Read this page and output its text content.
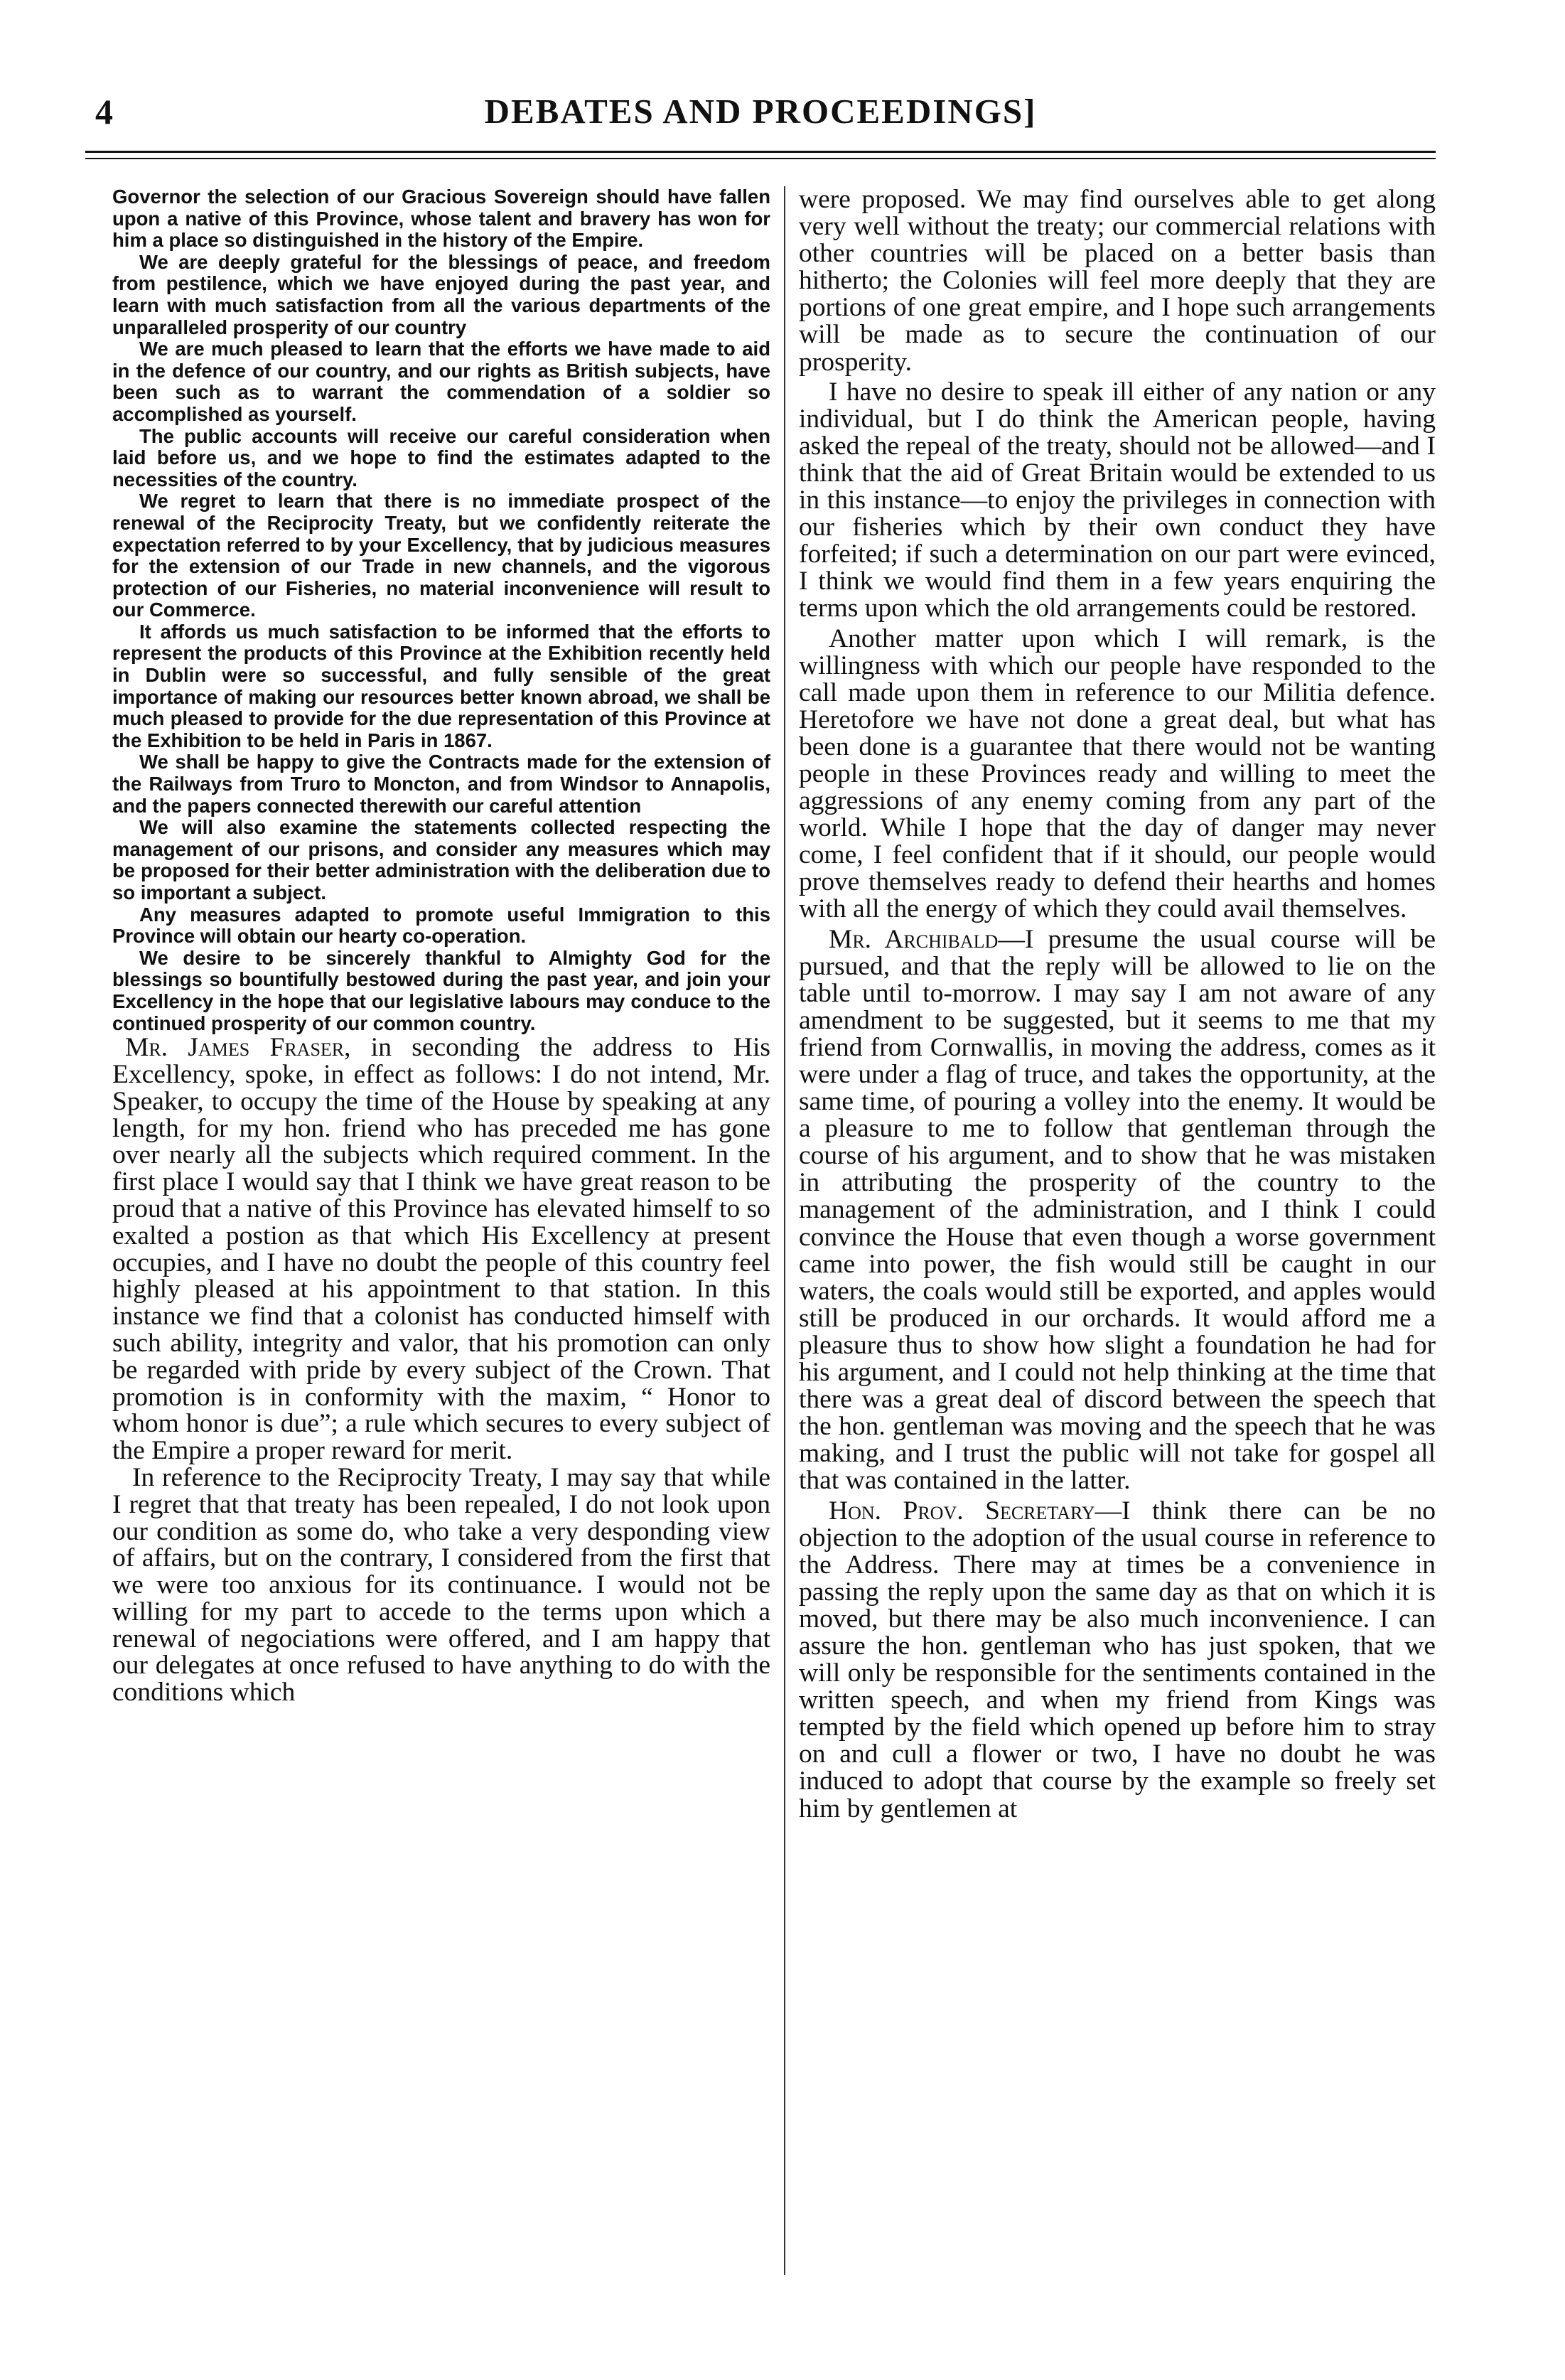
4	DEBATES AND PROCEEDINGS]

Governor the selection of our Gracious Sovereign should have fallen upon a native of this Province, whose talent and bravery has won for him a place so distinguished in the history of the Empire.

We are deeply grateful for the blessings of peace, and freedom from pestilence, which we have enjoyed during the past year, and learn with much satisfaction from all the various departments of the unparalleled prosperity of our country

We are much pleased to learn that the efforts we have made to aid in the defence of our country, and our rights as British subjects, have been such as to warrant the commendation of a soldier so accomplished as yourself.

The public accounts will receive our careful consideration when laid before us, and we hope to find the estimates adapted to the necessities of the country.

We regret to learn that there is no immediate prospect of the renewal of the Reciprocity Treaty, but we confidently reiterate the expectation referred to by your Excellency, that by judicious measures for the extension of our Trade in new channels, and the vigorous protection of our Fisheries, no material inconvenience will result to our Commerce.

It affords us much satisfaction to be informed that the efforts to represent the products of this Province at the Exhibition recently held in Dublin were so successful, and fully sensible of the great importance of making our resources better known abroad, we shall be much pleased to provide for the due representation of this Province at the Exhibition to be held in Paris in 1867.

We shall be happy to give the Contracts made for the extension of the Railways from Truro to Moncton, and from Windsor to Annapolis, and the papers connected therewith our careful attention

We will also examine the statements collected respecting the management of our prisons, and consider any measures which may be proposed for their better administration with the deliberation due to so important a subject.

Any measures adapted to promote useful Immigration to this Province will obtain our hearty co-operation.

We desire to be sincerely thankful to Almighty God for the blessings so bountifully bestowed during the past year, and join your Excellency in the hope that our legislative labours may conduce to the continued prosperity of our common country.

Mr. James Fraser, in seconding the address to His Excellency, spoke, in effect as follows: I do not intend, Mr. Speaker, to occupy the time of the House by speaking at any length, for my hon. friend who has preceded me has gone over nearly all the subjects which required comment. In the first place I would say that I think we have great reason to be proud that a native of this Province has elevated himself to so exalted a postion as that which His Excellency at present occupies, and I have no doubt the people of this country feel highly pleased at his appointment to that station. In this instance we find that a colonist has conducted himself with such ability, integrity and valor, that his promotion can only be regarded with pride by every subject of the Crown. That promotion is in conformity with the maxim, “ Honor to whom honor is due”; a rule which secures to every subject of the Empire a proper reward for merit.

In reference to the Reciprocity Treaty, I may say that while I regret that that treaty has been repealed, I do not look upon our condition as some do, who take a very desponding view of affairs, but on the contrary, I considered from the first that we were too anxious for its continuance. I would not be willing for my part to accede to the terms upon which a renewal of negociations were offered, and I am happy that our delegates at once refused to have anything to do with the conditions which

were proposed. We may find ourselves able to get along very well without the treaty; our commercial relations with other countries will be placed on a better basis than hitherto; the Colonies will feel more deeply that they are portions of one great empire, and I hope such arrangements will be made as to secure the continuation of our prosperity.

I have no desire to speak ill either of any nation or any individual, but I do think the American people, having asked the repeal of the treaty, should not be allowed—and I think that the aid of Great Britain would be extended to us in this instance—to enjoy the privileges in connection with our fisheries which by their own conduct they have forfeited; if such a determination on our part were evinced, I think we would find them in a few years enquiring the terms upon which the old arrangements could be restored.

Another matter upon which I will remark, is the willingness with which our people have responded to the call made upon them in reference to our Militia defence. Heretofore we have not done a great deal, but what has been done is a guarantee that there would not be wanting people in these Provinces ready and willing to meet the aggressions of any enemy coming from any part of the world. While I hope that the day of danger may never come, I feel confident that if it should, our people would prove themselves ready to defend their hearths and homes with all the energy of which they could avail themselves.

Mr. Archibald—I presume the usual course will be pursued, and that the reply will be allowed to lie on the table until to-morrow. I may say I am not aware of any amendment to be suggested, but it seems to me that my friend from Cornwallis, in moving the address, comes as it were under a flag of truce, and takes the opportunity, at the same time, of pouring a volley into the enemy. It would be a pleasure to me to follow that gentleman through the course of his argument, and to show that he was mistaken in attributing the prosperity of the country to the management of the administration, and I think I could convince the House that even though a worse government came into power, the fish would still be caught in our waters, the coals would still be exported, and apples would still be produced in our orchards. It would afford me a pleasure thus to show how slight a foundation he had for his argument, and I could not help thinking at the time that there was a great deal of discord between the speech that the hon. gentleman was moving and the speech that he was making, and I trust the public will not take for gospel all that was contained in the latter.

Hon. Prov. Secretary—I think there can be no objection to the adoption of the usual course in reference to the Address. There may at times be a convenience in passing the reply upon the same day as that on which it is moved, but there may be also much inconvenience. I can assure the hon. gentleman who has just spoken, that we will only be responsible for the sentiments contained in the written speech, and when my friend from Kings was tempted by the field which opened up before him to stray on and cull a flower or two, I have no doubt he was induced to adopt that course by the example so freely set him by gentlemen at
